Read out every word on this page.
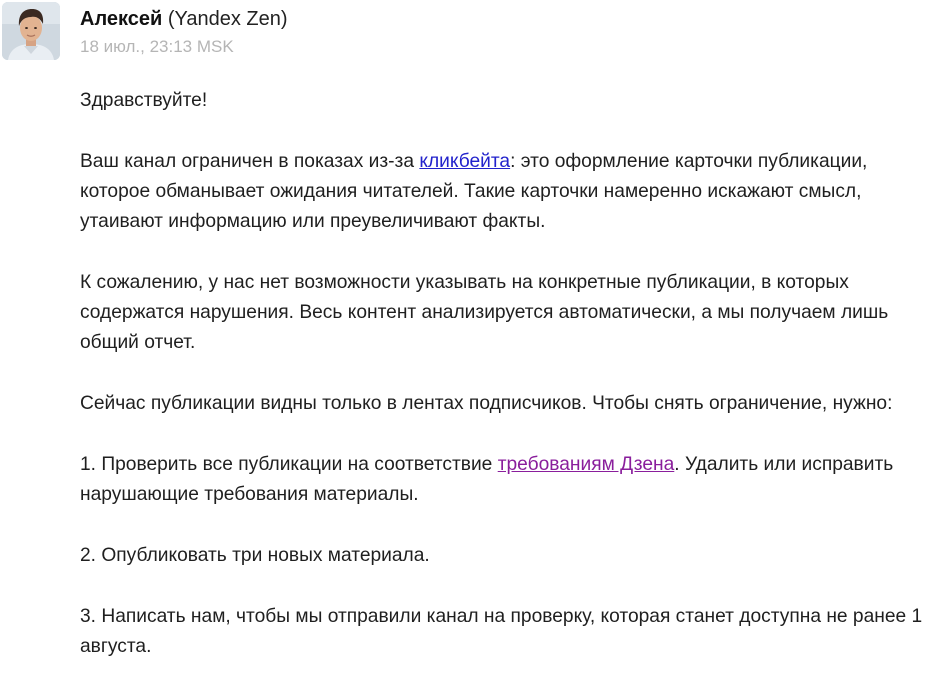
Алексей (Yandex Zen)
18 июл., 23:13 MSK

Здравствуйте!

Ваш канал ограничен в показах из-за кликбейта: это оформление карточки публикации, которое обманывает ожидания читателей. Такие карточки намеренно искажают смысл, утаивают информацию или преувеличивают факты.

К сожалению, у нас нет возможности указывать на конкретные публикации, в которых содержатся нарушения. Весь контент анализируется автоматически, а мы получаем лишь общий отчет.

Сейчас публикации видны только в лентах подписчиков. Чтобы снять ограничение, нужно:

1. Проверить все публикации на соответствие требованиям Дзена. Удалить или исправить нарушающие требования материалы.

2. Опубликовать три новых материала.

3. Написать нам, чтобы мы отправили канал на проверку, которая станет доступна не ранее 1 августа.
